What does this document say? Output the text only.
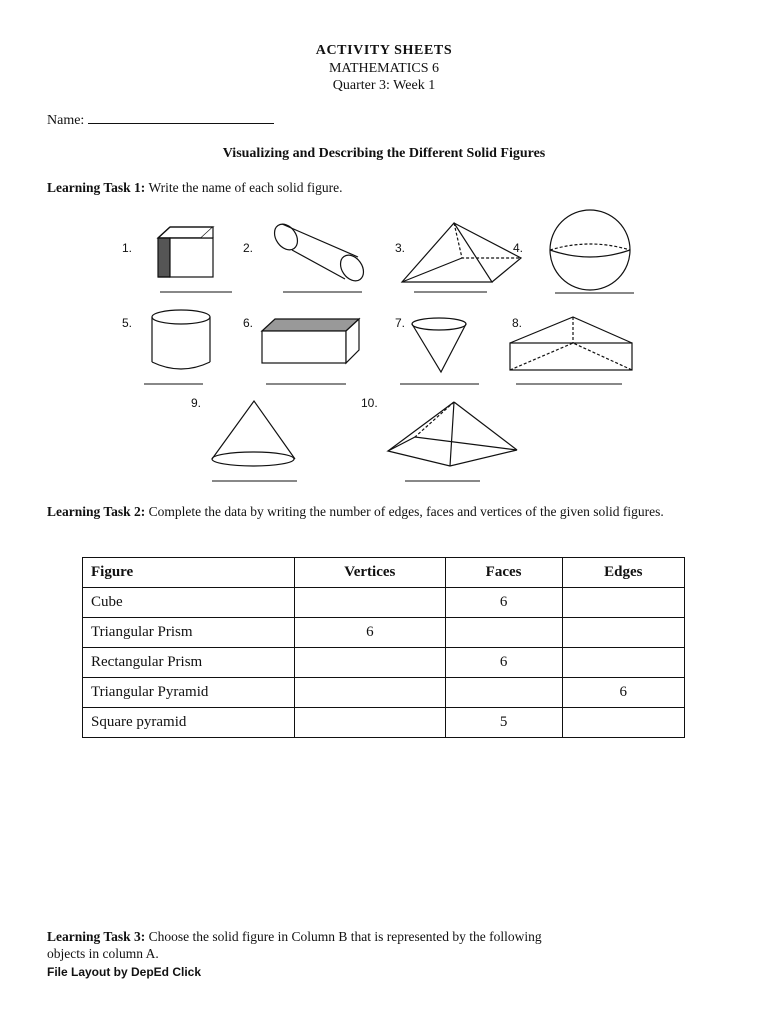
ACTIVITY SHEETS
MATHEMATICS 6
Quarter 3: Week 1
Name:
Visualizing and Describing the Different Solid Figures
Learning Task 1: Write the name of each solid figure.
1.	2.	3.	4.
5.	6.	7.	8.
9.	10.
Learning Task 2: Complete the data by writing the number of edges, faces and vertices of the given solid figures.
Figure	Vertices	Faces	Edges
Cube		6	
Triangular Prism	6		
Rectangular Prism		6	
Triangular Pyramid			6
Square pyramid		5	
Learning Task 3: Choose the solid figure in Column B that is represented by the following objects in column A.
File Layout by DepEd Click
